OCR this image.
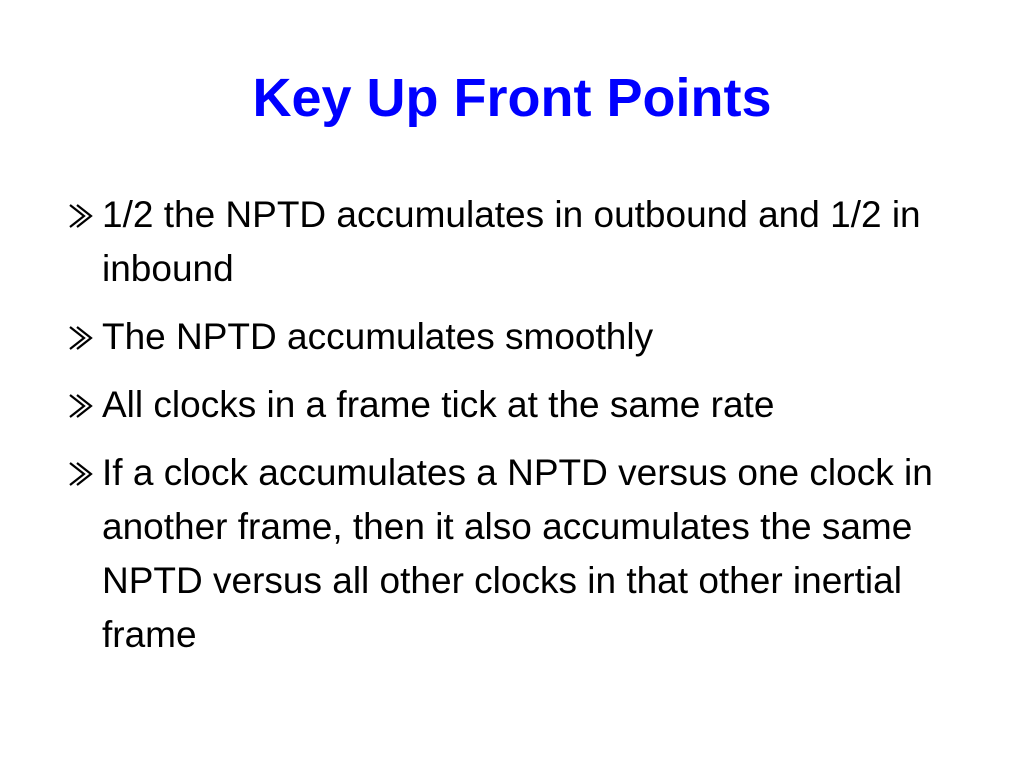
Key Up Front Points
1/2 the NPTD accumulates in outbound and 1/2 in inbound
The NPTD accumulates smoothly
All clocks in a frame tick at the same rate
If a clock accumulates a NPTD versus one clock in another frame, then it also accumulates the same NPTD versus all other clocks in that other inertial frame
